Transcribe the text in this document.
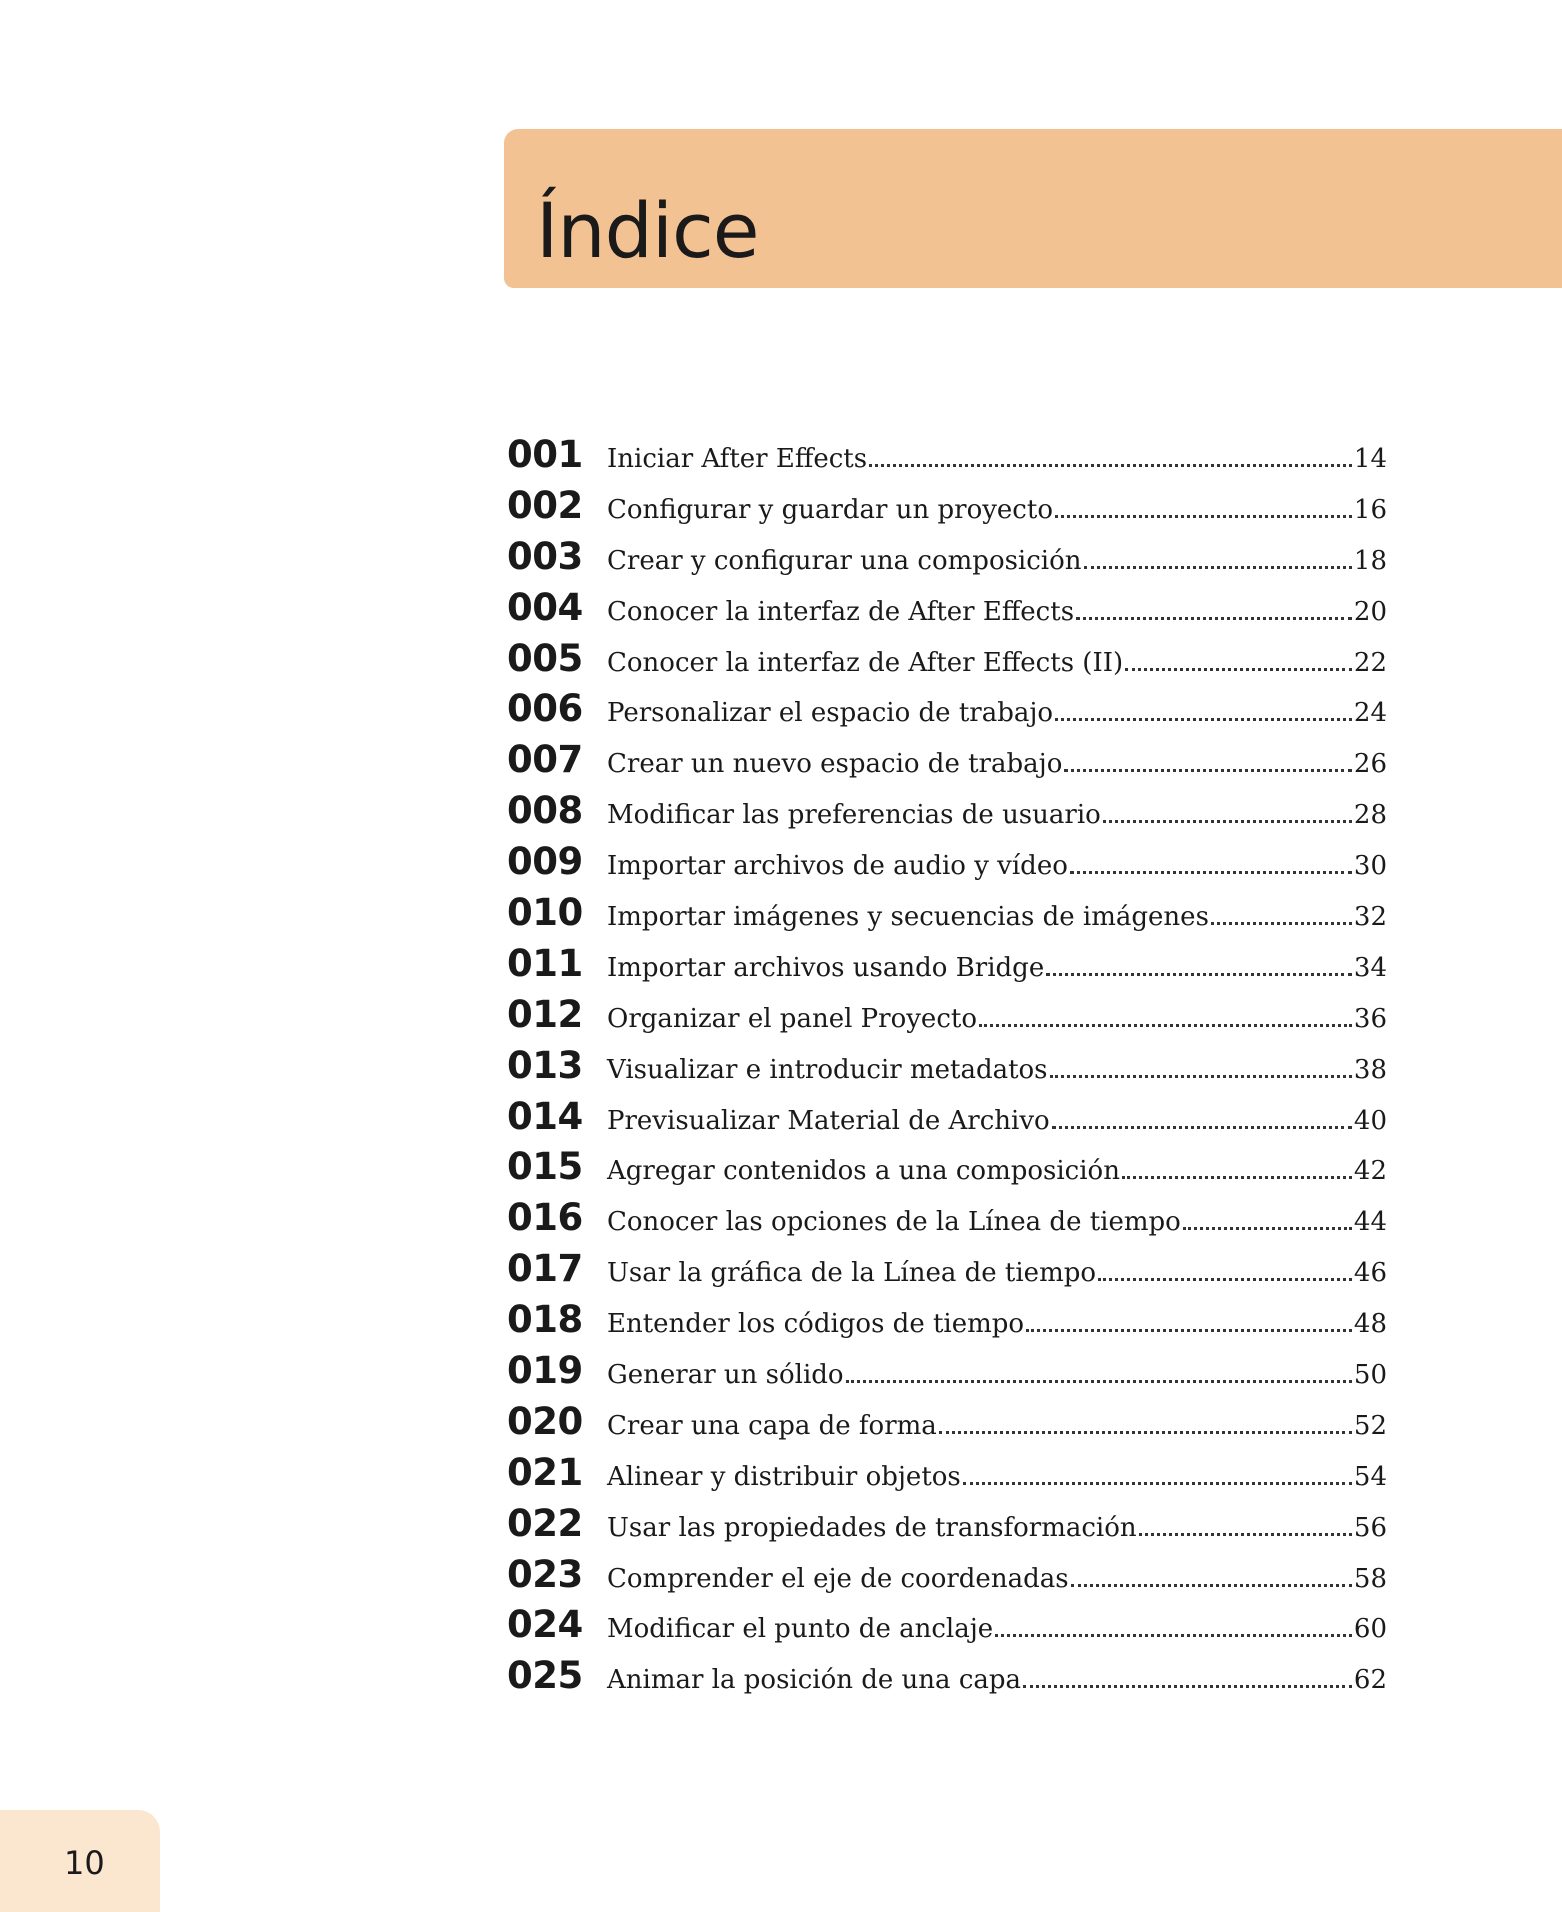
Índice
001 Iniciar After Effects	14
002 Configurar y guardar un proyecto	16
003 Crear y configurar una composición	18
004 Conocer la interfaz de After Effects	20
005 Conocer la interfaz de After Effects (II)	22
006 Personalizar el espacio de trabajo	24
007 Crear un nuevo espacio de trabajo	26
008 Modificar las preferencias de usuario	28
009 Importar archivos de audio y vídeo	30
010 Importar imágenes y secuencias de imágenes	32
011 Importar archivos usando Bridge	34
012 Organizar el panel Proyecto	36
013 Visualizar e introducir metadatos	38
014 Previsualizar Material de Archivo	40
015 Agregar contenidos a una composición	42
016 Conocer las opciones de la Línea de tiempo	44
017 Usar la gráfica de la Línea de tiempo	46
018 Entender los códigos de tiempo	48
019 Generar un sólido	50
020 Crear una capa de forma	52
021 Alinear y distribuir objetos	54
022 Usar las propiedades de transformación	56
023 Comprender el eje de coordenadas	58
024 Modificar el punto de anclaje	60
025 Animar la posición de una capa	62
10
